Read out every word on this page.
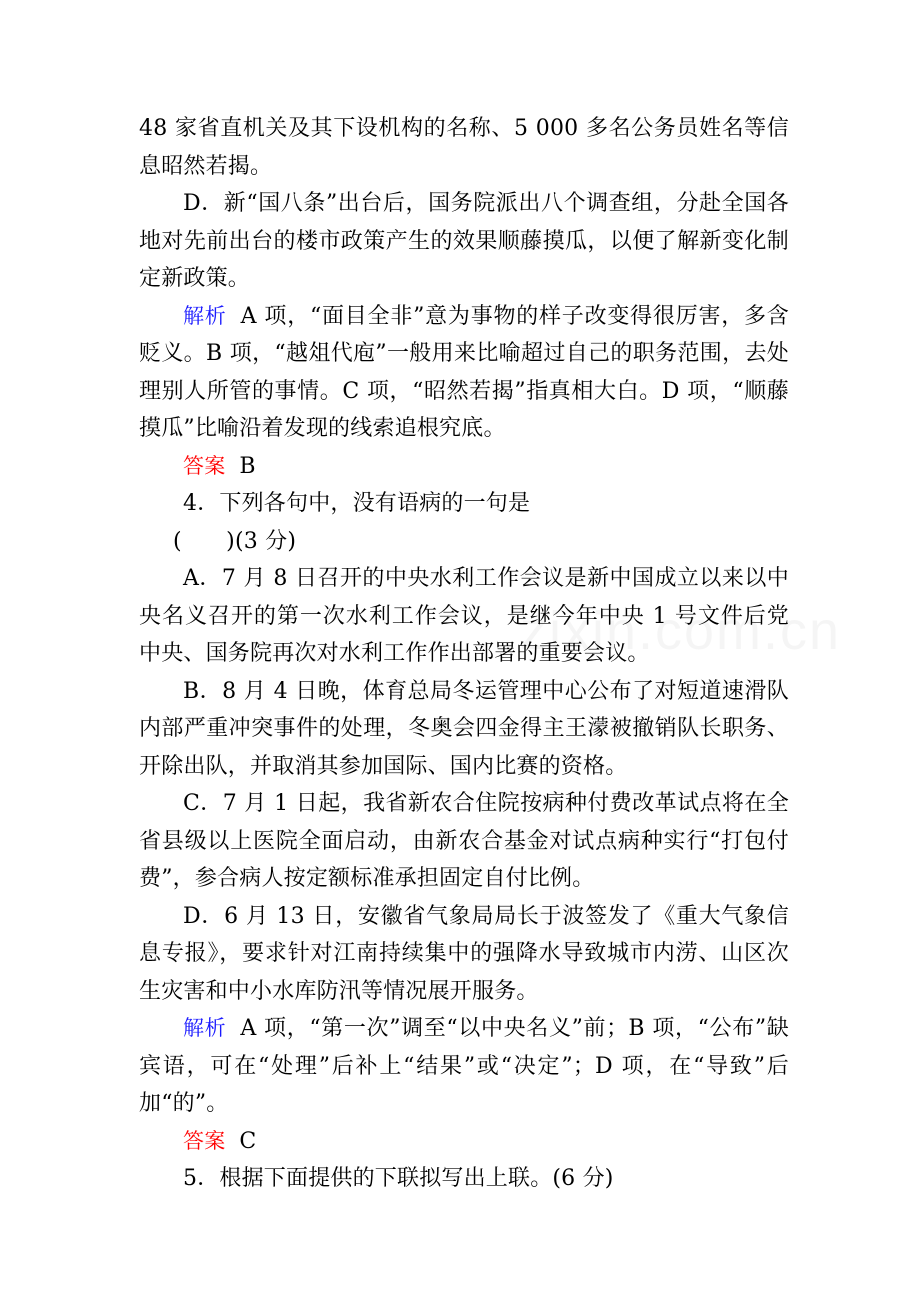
48 家省直机关及其下设机构的名称、5 000 多名公务员姓名等信息昭然若揭。

D．新“国八条”出台后，国务院派出八个调查组，分赴全国各地对先前出台的楼市政策产生的效果顺藤摸瓜，以便了解新变化制定新政策。

解析 A 项，“面目全非”意为事物的样子改变得很厉害，多含贬义。B 项，“越俎代庖”一般用来比喻超过自己的职务范围，去处理别人所管的事情。C 项，“昭然若揭”指真相大白。D 项，“顺藤摸瓜”比喻沿着发现的线索追根究底。

答案 B

4．下列各句中，没有语病的一句是

(　　)(3 分)

A．7 月 8 日召开的中央水利工作会议是新中国成立以来以中央名义召开的第一次水利工作会议，是继今年中央 1 号文件后党中央、国务院再次对水利工作作出部署的重要会议。

B．8 月 4 日晚，体育总局冬运管理中心公布了对短道速滑队内部严重冲突事件的处理，冬奥会四金得主王濛被撤销队长职务、开除出队，并取消其参加国际、国内比赛的资格。

C．7 月 1 日起，我省新农合住院按病种付费改革试点将在全省县级以上医院全面启动，由新农合基金对试点病种实行“打包付费”，参合病人按定额标准承担固定自付比例。

D．6 月 13 日，安徽省气象局局长于波签发了《重大气象信息专报》，要求针对江南持续集中的强降水导致城市内涝、山区次生灾害和中小水库防汛等情况展开服务。

解析 A 项，“第一次”调至“以中央名义”前；B 项，“公布”缺宾语，可在“处理”后补上“结果”或“决定”；D 项，在“导致”后加“的”。

答案 C

5．根据下面提供的下联拟写出上联。(6 分)
